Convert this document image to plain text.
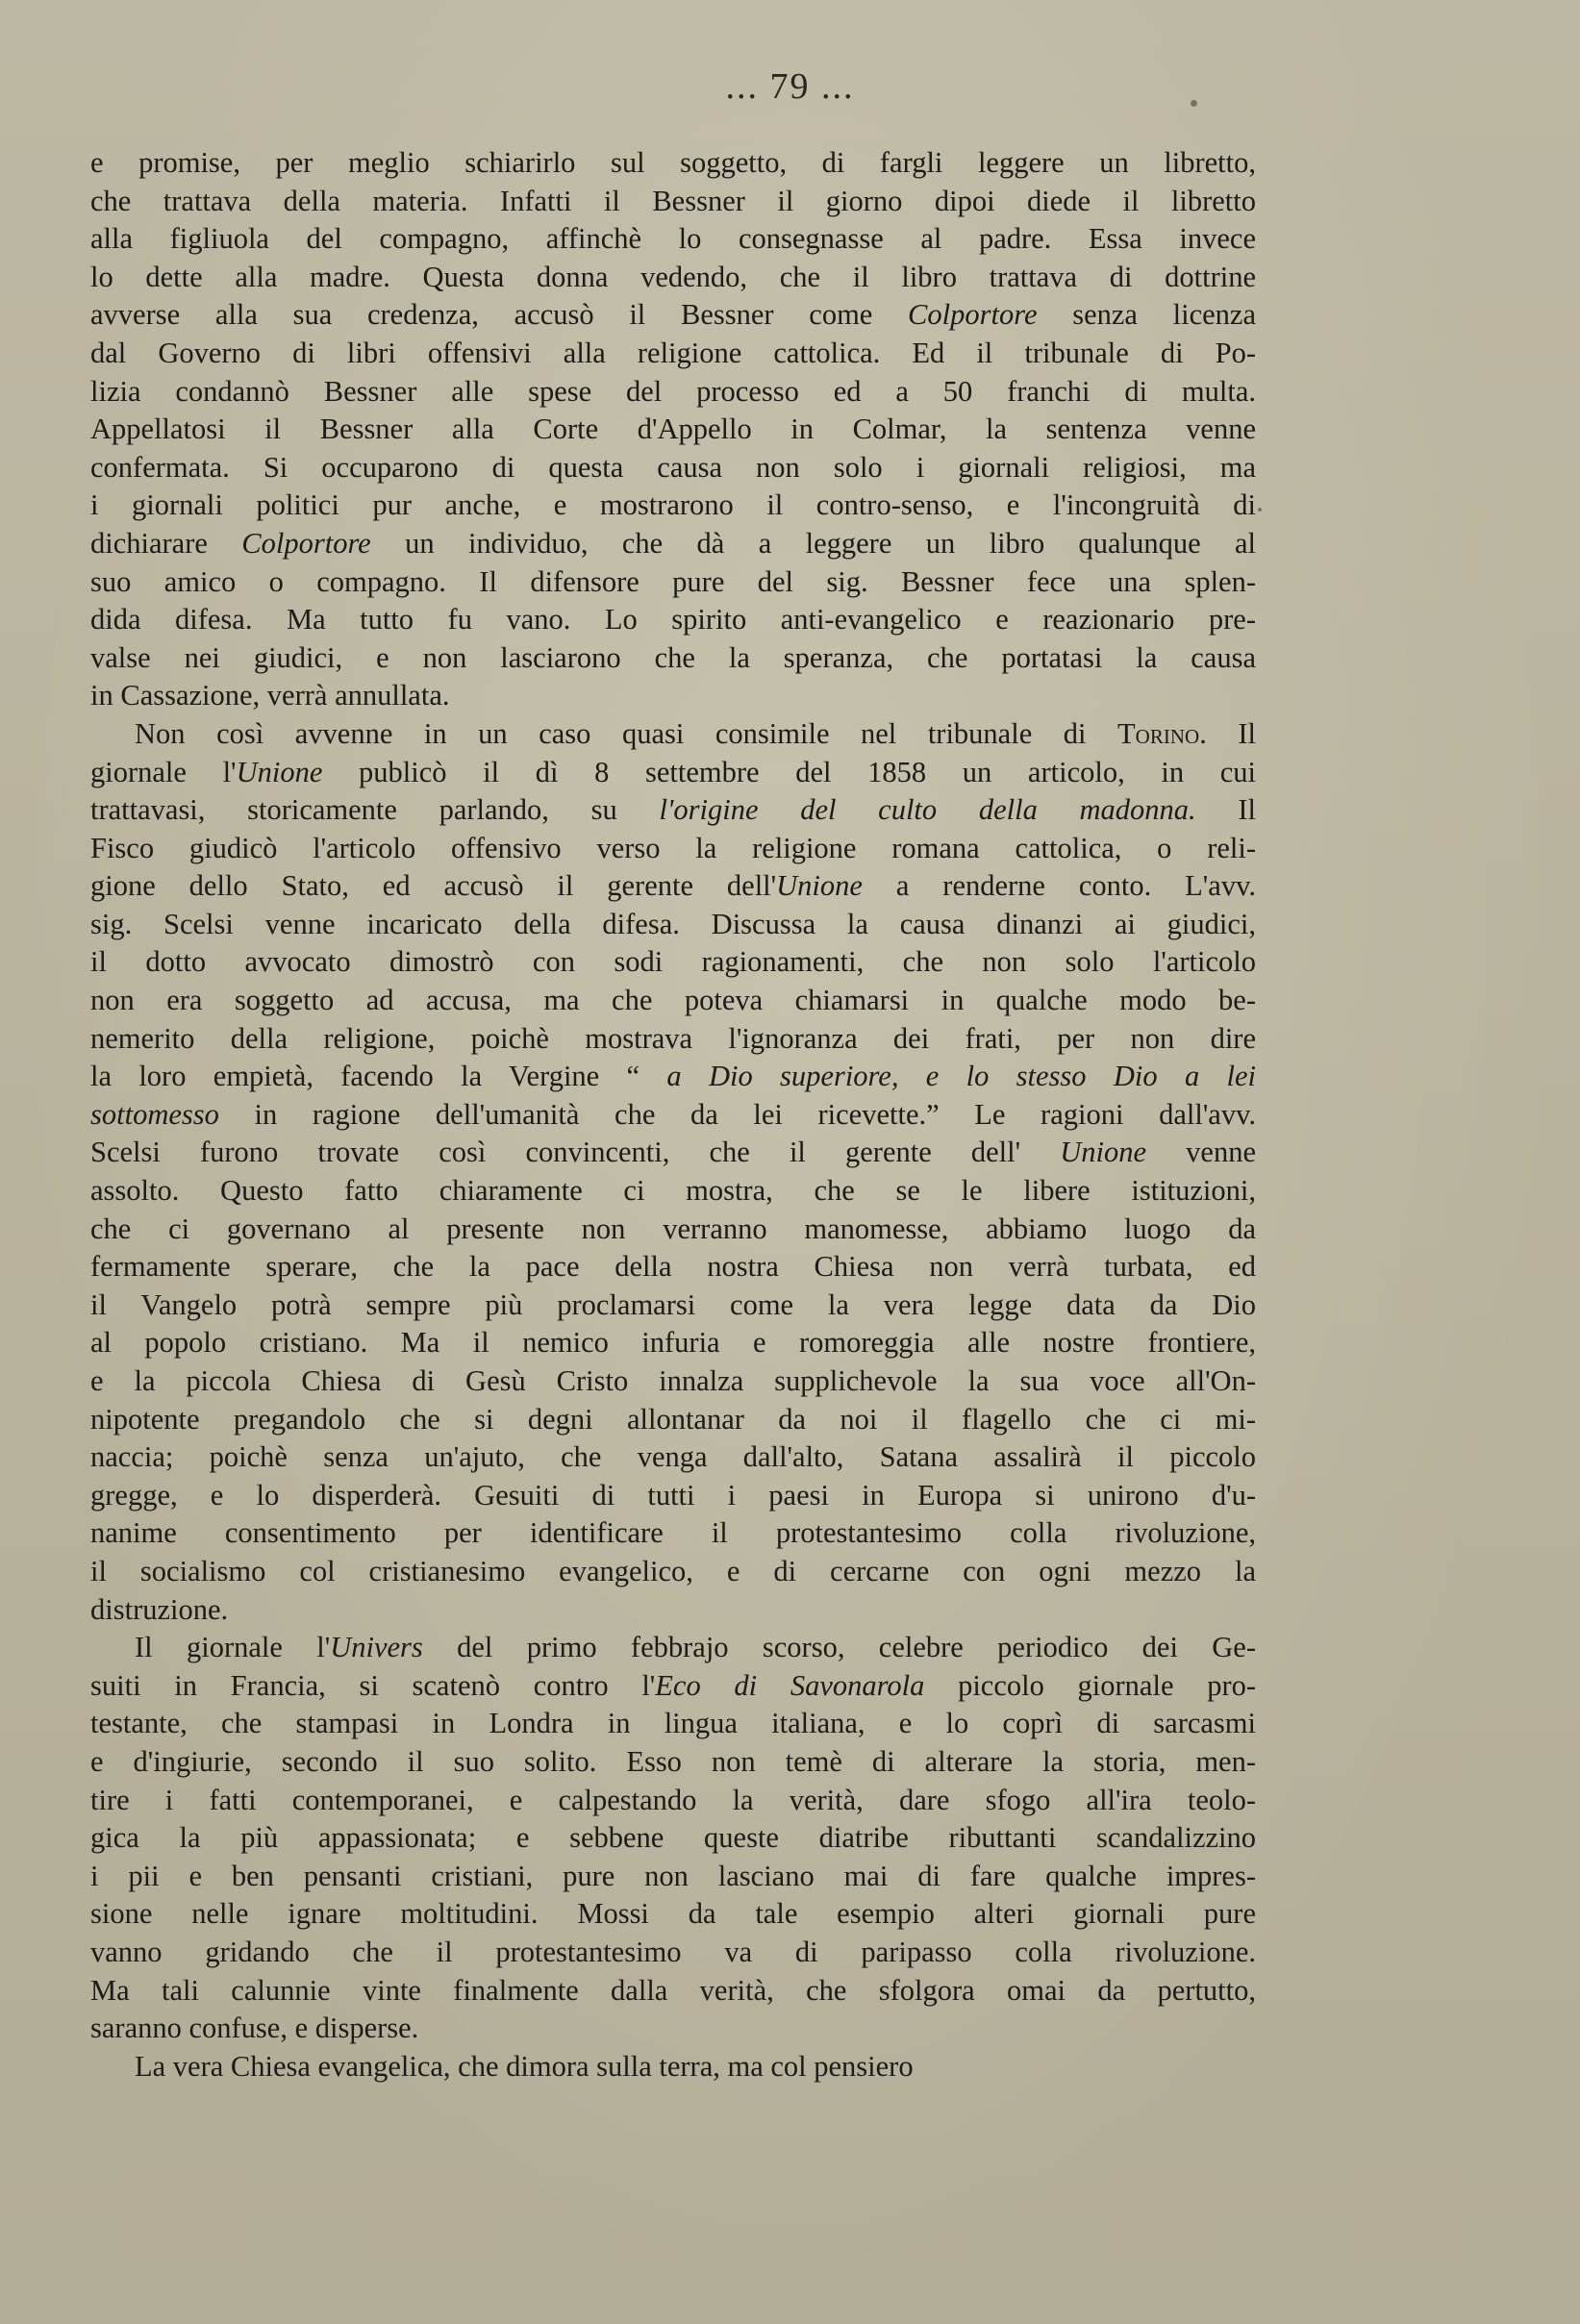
... 79 ...
e promise, per meglio schiarirlo sul soggetto, di fargli leggere un libretto,
che trattava della materia. Infatti il Bessner il giorno dipoi diede il libretto
alla figliuola del compagno, affinchè lo consegnasse al padre. Essa invece
lo dette alla madre. Questa donna vedendo, che il libro trattava di dottrine
avverse alla sua credenza, accusò il Bessner come Colportore senza licenza
dal Governo di libri offensivi alla religione cattolica. Ed il tribunale di Po-
lizia condannò Bessner alle spese del processo ed a 50 franchi di multa.
Appellatosi il Bessner alla Corte d'Appello in Colmar, la sentenza venne
confermata. Si occuparono di questa causa non solo i giornali religiosi, ma
i giornali politici pur anche, e mostrarono il contro-senso, e l'incongruità di
dichiarare Colportore un individuo, che dà a leggere un libro qualunque al
suo amico o compagno. Il difensore pure del sig. Bessner fece una splen-
dida difesa. Ma tutto fu vano. Lo spirito anti-evangelico e reazionario pre-
valse nei giudici, e non lasciarono che la speranza, che portatasi la causa
in Cassazione, verrà annullata.
Non così avvenne in un caso quasi consimile nel tribunale di Torino. Il
giornale l'Unione publicò il dì 8 settembre del 1858 un articolo, in cui
trattavasi, storicamente parlando, su l'origine del culto della madonna. Il
Fisco giudicò l'articolo offensivo verso la religione romana cattolica, o reli-
gione dello Stato, ed accusò il gerente dell'Unione a renderne conto. L'avv.
sig. Scelsi venne incaricato della difesa. Discussa la causa dinanzi ai giudici,
il dotto avvocato dimostrò con sodi ragionamenti, che non solo l'articolo
non era soggetto ad accusa, ma che poteva chiamarsi in qualche modo be-
nemerito della religione, poichè mostrava l'ignoranza dei frati, per non dire
la loro empietà, facendo la Vergine “ a Dio superiore, e lo stesso Dio a lei
sottomesso in ragione dell'umanità che da lei ricevette.” Le ragioni dall'avv.
Scelsi furono trovate così convincenti, che il gerente dell' Unione venne
assolto. Questo fatto chiaramente ci mostra, che se le libere istituzioni,
che ci governano al presente non verranno manomesse, abbiamo luogo da
fermamente sperare, che la pace della nostra Chiesa non verrà turbata, ed
il Vangelo potrà sempre più proclamarsi come la vera legge data da Dio
al popolo cristiano. Ma il nemico infuria e romoreggia alle nostre frontiere,
e la piccola Chiesa di Gesù Cristo innalza supplichevole la sua voce all'On-
nipotente pregandolo che si degni allontanar da noi il flagello che ci mi-
naccia; poichè senza un'ajuto, che venga dall'alto, Satana assalirà il piccolo
gregge, e lo disperderà. Gesuiti di tutti i paesi in Europa si unirono d'u-
nanime consentimento per identificare il protestantesimo colla rivoluzione,
il socialismo col cristianesimo evangelico, e di cercarne con ogni mezzo la
distruzione.
Il giornale l'Univers del primo febbrajo scorso, celebre periodico dei Ge-
suiti in Francia, si scatenò contro l'Eco di Savonarola piccolo giornale pro-
testante, che stampasi in Londra in lingua italiana, e lo coprì di sarcasmi
e d'ingiurie, secondo il suo solito. Esso non temè di alterare la storia, men-
tire i fatti contemporanei, e calpestando la verità, dare sfogo all'ira teolo-
gica la più appassionata; e sebbene queste diatribe ributtanti scandalizzino
i pii e ben pensanti cristiani, pure non lasciano mai di fare qualche impres-
sione nelle ignare moltitudini. Mossi da tale esempio alteri giornali pure
vanno gridando che il protestantesimo va di paripasso colla rivoluzione.
Ma tali calunnie vinte finalmente dalla verità, che sfolgora omai da pertutto,
saranno confuse, e disperse.
La vera Chiesa evangelica, che dimora sulla terra, ma col pensiero
